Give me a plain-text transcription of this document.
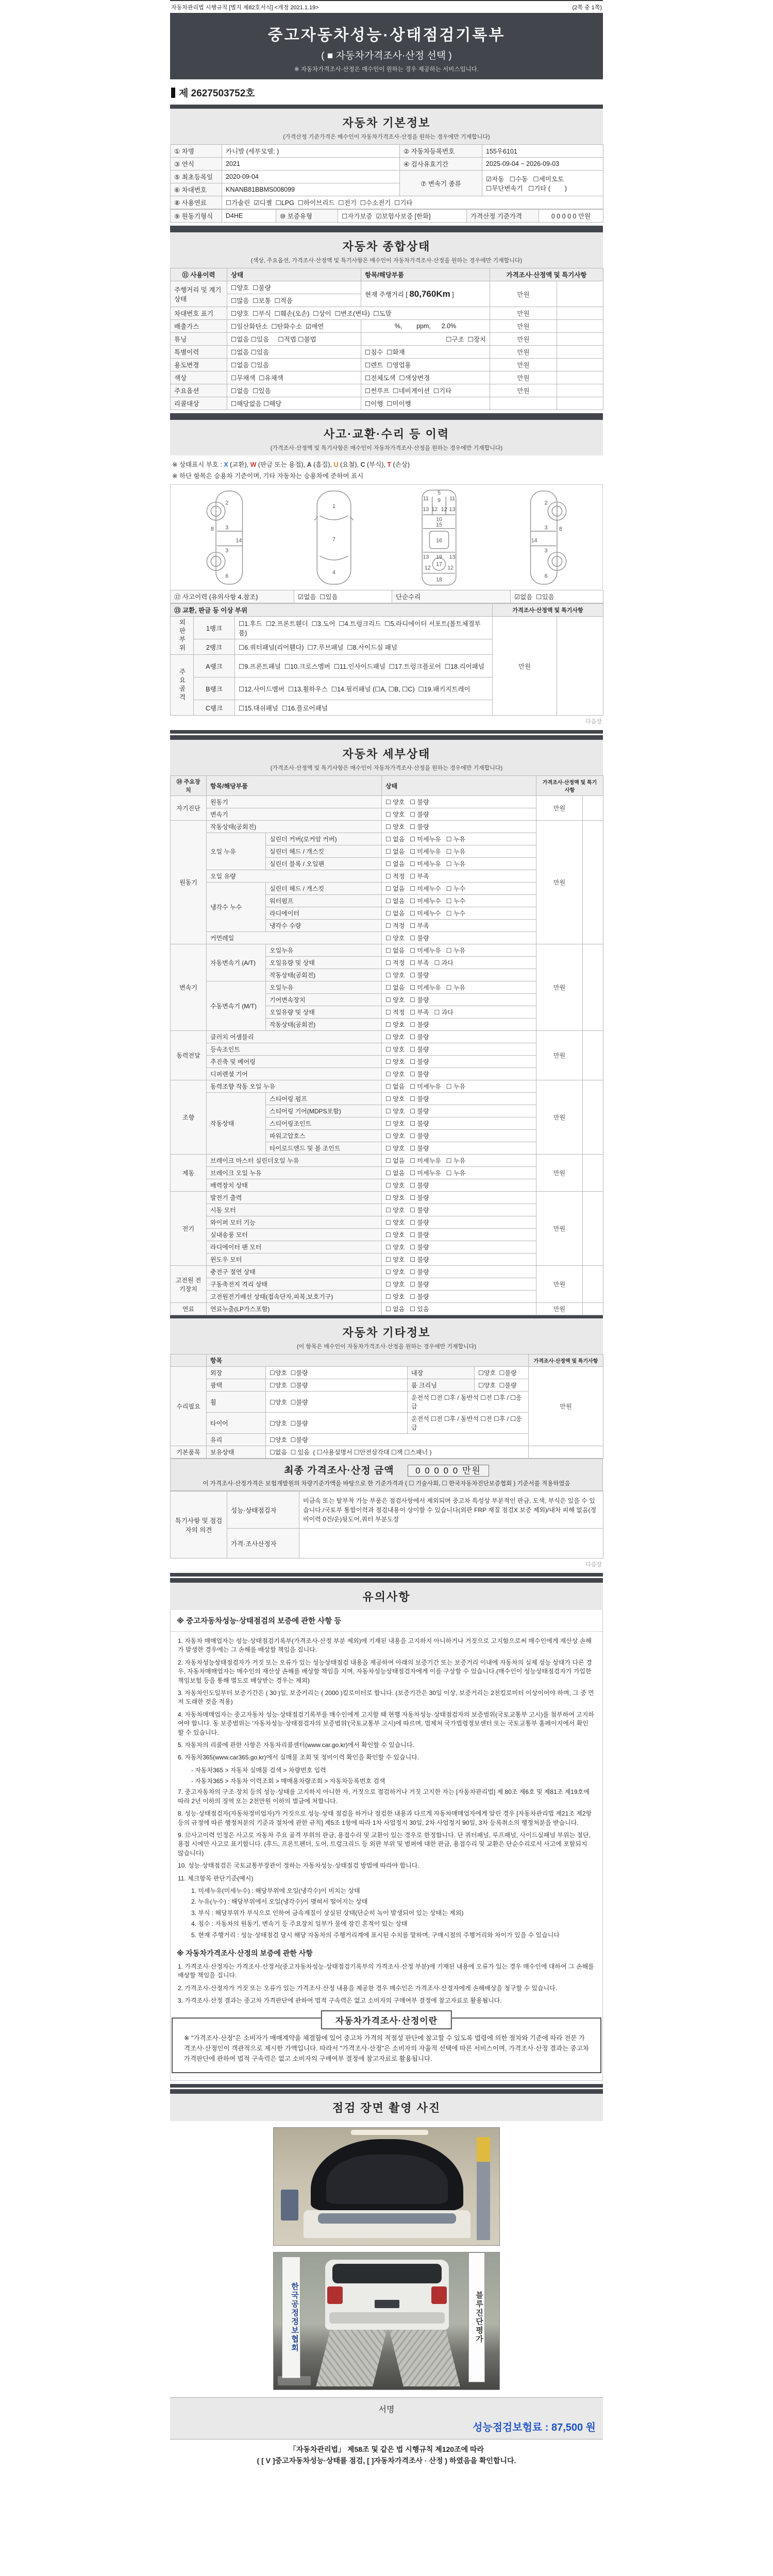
자동차관리법 시행규칙 [별지 제82호서식] <개정 2021.1.19>	(2쪽 중 1쪽)
중고자동차성능·상태점검기록부
( ■ 자동차가격조사·산정 선택 )
※ 자동차가격조사·산정은 매수인이 원하는 경우 제공하는 서비스입니다.
제 2627503752호
자동차 기본정보
(가격산정 기준가격은 매수인이 자동차가격조사·산정을 원하는 경우에만 기재합니다)
① 차명	카니발 (세부모델: )	② 자동차등록번호	155우6101
③ 연식	2021	④ 검사유효기간	2025-09-04 ~ 2026-09-03
⑤ 최초등록일	2020-09-04	⑦ 변속기 종류	☑자동   ☐수동   ☐세미오토
☐무단변속기   ☐기타 (        )

⑥ 차대번호	KNANB81BBMS008099		
⑧ 사용연료	☐가솔린  ☑디젤  ☐LPG  ☐하이브리드  ☐전기  ☐수소전기  ☐기타		
⑨ 원동기형식	D4HE	⑩ 보증유형	☐자가보증  ☑보험사보증 [한화]	가격산정 기준가격	0 0 0 0 0 만원
자동차 종합상태
(색상, 주요옵션, 가격조사·산정액 및 특기사항은 매수인이 자동차가격조사·산정을 원하는 경우에만 기재합니다)
⑪ 사용이력	상태	항목/해당부품	가격조사·산정액 및 특기사항	
주행거리 및 계기상태	☐양호  ☐불량	현재 주행거리 [ 80,760Km ]	만원	
	☐많음  ☐보통  ☐적음			
차대번호 표기	☐양호  ☐부식  ☐훼손(오손)  ☐상이  ☐변조(변타)  ☐도말		만원	
배출가스	☐일산화탄소  ☐탄화수소  ☑매연	%,        ppm,      2.0%	만원	
튜닝	☐없음 ☐있음     ☐적법 ☐불법	☐구조  ☐장치	만원	
특별이력	☐없음 ☐있음	☐침수  ☐화재	만원	
용도변경	☐없음 ☐있음	☐렌트  ☐영업용	만원	
색상	☐무채색  ☐유채색	☐전체도색  ☐색상변경	만원	
주요옵션	☐없음  ☐있음	☐썬루프  ☐네비게이션  ☐기타	만원	
리콜대상	☐해당없음 ☐해당	☐이행  ☐미이행		
사고·교환·수리 등 이력
(가격조사·산정액 및 특기사항은 매수인이 자동차가격조사·산정을 원하는 경우에만 기재합니다)
※ 상태표시 부호 : X (교환), W (판금 또는 용접), A (흠집), U (요철), C (부식), T (손상)
※ 하단 항목은 승용차 기준이며, 기타 자동차는 승용차에 준하여 표시
2
8 3
14
3
6
1
7
4
5
11 9 11
13 12 12 13
10
15
16
13 19 13
12
17
12
18
2
8
3
14
3
6
⑫ 사고이력 (유의사항 4.참조)	☑없음  ☐있음	단순수리	☑없음  ☐있음
⑬ 교환, 판금 등 이상 부위			가격조사·산정액 및 특기사항	
외판부위	1랭크	☐1.후드  ☐2.프론트휀더  ☐3.도어  ☐4.트렁크리드  ☐5.라디에이터 서포트(볼트체결부품)	만원	
	2랭크	☐6.쿼터패널(리어휀다)  ☐7.루브패널  ☐8.사이드실 패널		
주요골격	A랭크	☐9.프론트패널  ☐10.크로스멤버  ☐11.인사이드패널  ☐17.트렁크플로어  ☐18.리어패널		
	B랭크	☐12.사이드멤버  ☐13.휠하우스  ☐14.필러패널 (☐A, ☐B, ☐C)  ☐19.패키지트레이		
	C랭크	☐15.대쉬패널  ☐16.플로어패널		
다음장
자동차 세부상태
(가격조사·산정액 및 특기사항은 매수인이 자동차가격조사·산정을 원하는 경우에만 기재합니다)
⑭ 주요장치	항목/해당부품		상태	가격조사·산정액 및 특기사항	
자기진단	원동기		☐ 양호   ☐ 불량	만원	
	변속기		☐ 양호   ☐ 불량		
원동기	작동상태(공회전)		☐ 양호   ☐ 불량	만원	
	오일 누유	실린더 커버(로커암 커버)	☐ 없음   ☐ 미세누유   ☐ 누유		
		실린더 헤드 / 개스킷	☐ 없음   ☐ 미세누유   ☐ 누유		
		실린더 블록 / 오일팬	☐ 없음   ☐ 미세누유   ☐ 누유		
	오일 유량		☐ 적정   ☐ 부족		
	냉각수 누수	실린더 헤드 / 개스킷	☐ 없음   ☐ 미세누수   ☐ 누수		
		워터펌프	☐ 없음   ☐ 미세누수   ☐ 누수		
		라디에이터	☐ 없음   ☐ 미세누수   ☐ 누수		
		냉각수 수량	☐ 적정   ☐ 부족		
	커먼레일		☐ 양호   ☐ 불량		
변속기	자동변속기 (A/T)	오일누유	☐ 없음   ☐ 미세누유   ☐ 누유	만원	
		오일유량 및 상태	☐ 적정   ☐ 부족   ☐ 과다		
		작동상태(공회전)	☐ 양호   ☐ 불량		
	수동변속기 (M/T)	오일누유	☐ 없음   ☐ 미세누유   ☐ 누유		
		기어변속장치	☐ 양호   ☐ 불량		
		오일유량 및 상태	☐ 적정   ☐ 부족   ☐ 과다		
		작동상태(공회전)	☐ 양호   ☐ 불량		
동력전달	클러치 어셈블리		☐ 양호   ☐ 불량	만원	
	등속조인트		☐ 양호   ☐ 불량		
	추진축 및 베어링		☐ 양호   ☐ 불량		
	디퍼렌셜 기어		☐ 양호   ☐ 불량		
조향	동력조향 작동 오일 누유		☐ 없음   ☐ 미세누유   ☐ 누유	만원	
	작동상태	스티어링 펌프	☐ 양호   ☐ 불량		
		스티어링 기어(MDPS포함)	☐ 양호   ☐ 불량		
		스티어링조인트	☐ 양호   ☐ 불량		
		파워고압호스	☐ 양호   ☐ 불량		
		타이로드엔드 및 볼 조인트	☐ 양호   ☐ 불량		
제동	브레이크 마스터 실린더오일 누유		☐ 없음   ☐ 미세누유   ☐ 누유	만원	
	브레이크 오일 누유		☐ 없음   ☐ 미세누유   ☐ 누유		
	배력장치 상태		☐ 양호   ☐ 불량		
전기	발전기 출력		☐ 양호   ☐ 불량	만원	
	시동 모터		☐ 양호   ☐ 불량		
	와이퍼 모터 기능		☐ 양호   ☐ 불량		
	실내송풍 모터		☐ 양호   ☐ 불량		
	라디에이터 팬 모터		☐ 양호   ☐ 불량		
	윈도우 모터		☐ 양호   ☐ 불량		
고전원 전기장치	충전구 절연 상태		☐ 양호   ☐ 불량	만원	
	구동축전지 격리 상태		☐ 양호   ☐ 불량		
	고전원전기배선 상태(접속단자,피복,보호기구)		☐ 양호   ☐ 불량		
연료	연료누출(LP가스포함)		☐ 없음   ☐ 있음	만원	
자동차 기타정보
(이 항목은 매수인이 자동차가격조사·산정을 원하는 경우에만 기재합니다)
	항목				가격조사·산정액 및 특기사항
수리필요	외장	☐양호  ☐불량	내장	☐양호  ☐불량	만원
	광택	☐양호  ☐불량	룸 크리닝	☐양호  ☐불량	
	휠	☐양호  ☐불량	운전석 ☐전 ☐후 / 동반석 ☐전 ☐후 / ☐응급		
	타이어	☐양호  ☐불량	운전석 ☐전 ☐후 / 동반석 ☐전 ☐후 / ☐응급		
	유리	☐양호  ☐불량			
기본품목	보유상태	☐없음  ☐ 있음  ( ☐사용설명서 ☐안전삼각대 ☐잭 ☐스패너 )			
최종 가격조사·산정 금액 0 0 0 0 0 만원
이 가격조사·산정가격은 보험개발원의 차량기준가액을 바탕으로 한 기준가격과 ( ☐ 기술사회, ☐ 한국자동차진단보증협회 ) 기준서를 적용하였음
특기사항 및 점검자의 의견	성능·상태점검자	비금속 또는 탈부착 가능 부품은 점검사항에서 제외되며 중고차 특성상 부분적인 판금, 도색, 부식은 있을 수 있습니다./국토부 통합이력과 점검내용이 상이할 수 있습니다(외판 FRP 재질 점검X 보증 제외)/내차 피해 없음(정비이력 0건/운)뒷도어,쿼터 부분도장
	가격·조사산정자	
다음장
유의사항
※ 중고자동차성능·상태점검의 보증에 관한 사항 등
1. 자동차 매매업자는 성능·상태점검기록부(가격조사·산정 부분 제외)에 기재된 내용을 고지하지 아니하거나 거짓으로 고지함으로써 매수인에게 재산상 손해가 발생한 경우에는 그 손해를 배상할 책임을 집니다.
2. 자동차성능상태점검자가 거짓 또는 오류가 있는 성능상태점검 내용을 제공하여 아래의 보증기간 또는 보증거리 이내에 자동차의 실제 성능 상태가 다른 경우, 자동차매매업자는 매수인의 재산상 손해를 배상할 책임을 지며, 자동차성능상태점검자에게 이를 구상할 수 있습니다.(매수인이 성능상태점검자가 가입한 책임보험 등을 통해 별도로 배상받는 경우는 제외)
3. 자동차인도일부터 보증기간은 ( 30 )일, 보증거리는 ( 2000 )킬로미터로 합니다. (보증기간은 30일 이상, 보증거리는 2천킬로미터 이상이어야 하며, 그 중 먼저 도래한 것을 적용)
4. 자동차매매업자는 중고자동차 성능·상태점검기록부를 매수인에게 고지할 때 현행 자동차성능·상태점검자의 보증범위(국토교통부 고시)를 첨부하여 고지하여야 합니다. 동 보증범위는 '자동차성능·상태점검자의 보증범위'(국토교통부 고시)에 따르며, 법제처 국가법령정보센터 또는 국토교통부 홈페이지에서 확인할 수 있습니다.
5. 자동차의 리콜에 관한 사항은 자동차리콜센터(www.car.go.kr)에서 확인할 수 있습니다.
6. 자동차365(www.car365.go.kr)에서 실매물 조회 및 정비이력 확인을 확인할 수 있습니다.
- 자동차365 > 자동차 실매물 검색 > 차량번호 입력
- 자동차365 > 자동차 이력조회 > 매매용차량조회 > 자동차등록번호 검색
7. 중고자동차의 구조·장치 등의 성능·상태를 고지하지 아니한 자, 거짓으로 점검하거나 거짓 고지한 자는 [자동차관리법] 제 80조 제6호 및 제81조 제19호에 따라 2년 이하의 징역 또는 2천만원 이하의 벌금에 처합니다.
8. 성능·상태점검자(자동차정비업자)가 거짓으로 성능·상태 점검을 하거나 점검한 내용과 다르게 자동차매매업자에게 알린 경우 [자동차관리법 제21조 제2항 등의 규정에 따른 행정처분의 기준과 절차에 관한 규칙] 제5조 1항에 따라 1차 사업정지 30일, 2차 사업정지 90일, 3차 등록취소의 행정처분을 받습니다.
9. ⑫사고이력 인정은 사고로 자동차 주요 골격 부위의 판금, 용접수리 및 교환이 있는 경우로 한정합니다. 단 쿼터패널, 루프패널, 사이드실패널 부위는 절단, 용접 시에만 사고로 표기합니다. (후드, 프론트펜더, 도어, 트렁크리드 등 외판 부위 및 범퍼에 대한 판금, 용접수리 및 교환은 단순수리로서 사고에 포함되지 않습니다)
10. 성능·상태점검은 국토교통부장관이 정하는 자동차성능·상태점검 방법에 따라야 합니다.
11. 체크항목 판단기준(예시)
1. 미세누유(미세누수) : 해당부위에 오일(냉각수)이 비치는 상태
2. 누유(누수) : 해당부위에서 오일(냉각수)이 맺혀서 떨어지는 상태
3. 부식 : 해당부위가 부식으로 인하여 금속재질이 상실된 상태(단순히 녹이 발생되어 있는 상태는 제외)
4. 침수 : 자동차의 원동기, 변속기 등 주요장치 일부가 물에 잠긴 흔적이 있는 상태
5. 현재 주행거리 : 성능·상태점검 당시 해당 자동차의 주행거리계에 표시된 수치를 말하며, 구매시점의 주행거리와 차이가 있을 수 있습니다
※ 자동차가격조사·산정의 보증에 관한 사항
1. 가격조사·산정자는 가격조사·산정서(중고자동차성능·상태점검기록부의 가격조사·산정 부분)에 기재된 내용에 오류가 있는 경우 매수인에 대하여 그 손해를 배상할 책임을 집니다.
2. 가격조사·산정자가 거짓 또는 오류가 있는 가격조사·산정 내용을 제공한 경우 매수인은 가격조사·산정자에게 손해배상을 청구할 수 있습니다.
3. 가격조사·산정 결과는 중고차 가격판단에 관하여 법적 구속력은 없고 소비자의 구매여부 결정에 참고자료로 활용됩니다.
자동차가격조사·산정이란
※ "가격조사·산정"은 소비자가 매매계약을 체결함에 있어 중고차 가격의 적절성 판단에 참고할 수 있도록 법령에 의한 절차와 기준에 따라 전문 가격조사·산정인이 객관적으로 제시한 가액입니다. 따라서 "가격조사·산정"은 소비자의 자율적 선택에 따른 서비스이며, 가격조사·산정 결과는 중고차 가격판단에 관하여 법적 구속력은 없고 소비자의 구매여부 결정에 참고자료로 활용됩니다.
점검 장면 촬영 사진
한국공정정보협회	블루진단평가
서명
성능점검보험료 : 87,500 원
「자동차관리법」 제58조 및 같은 법 시행규칙 제120조에 따라
( [ V ]중고자동차성능·상태를 점검, [ ]자동차가격조사 · 산정 ) 하였음을 확인합니다.
